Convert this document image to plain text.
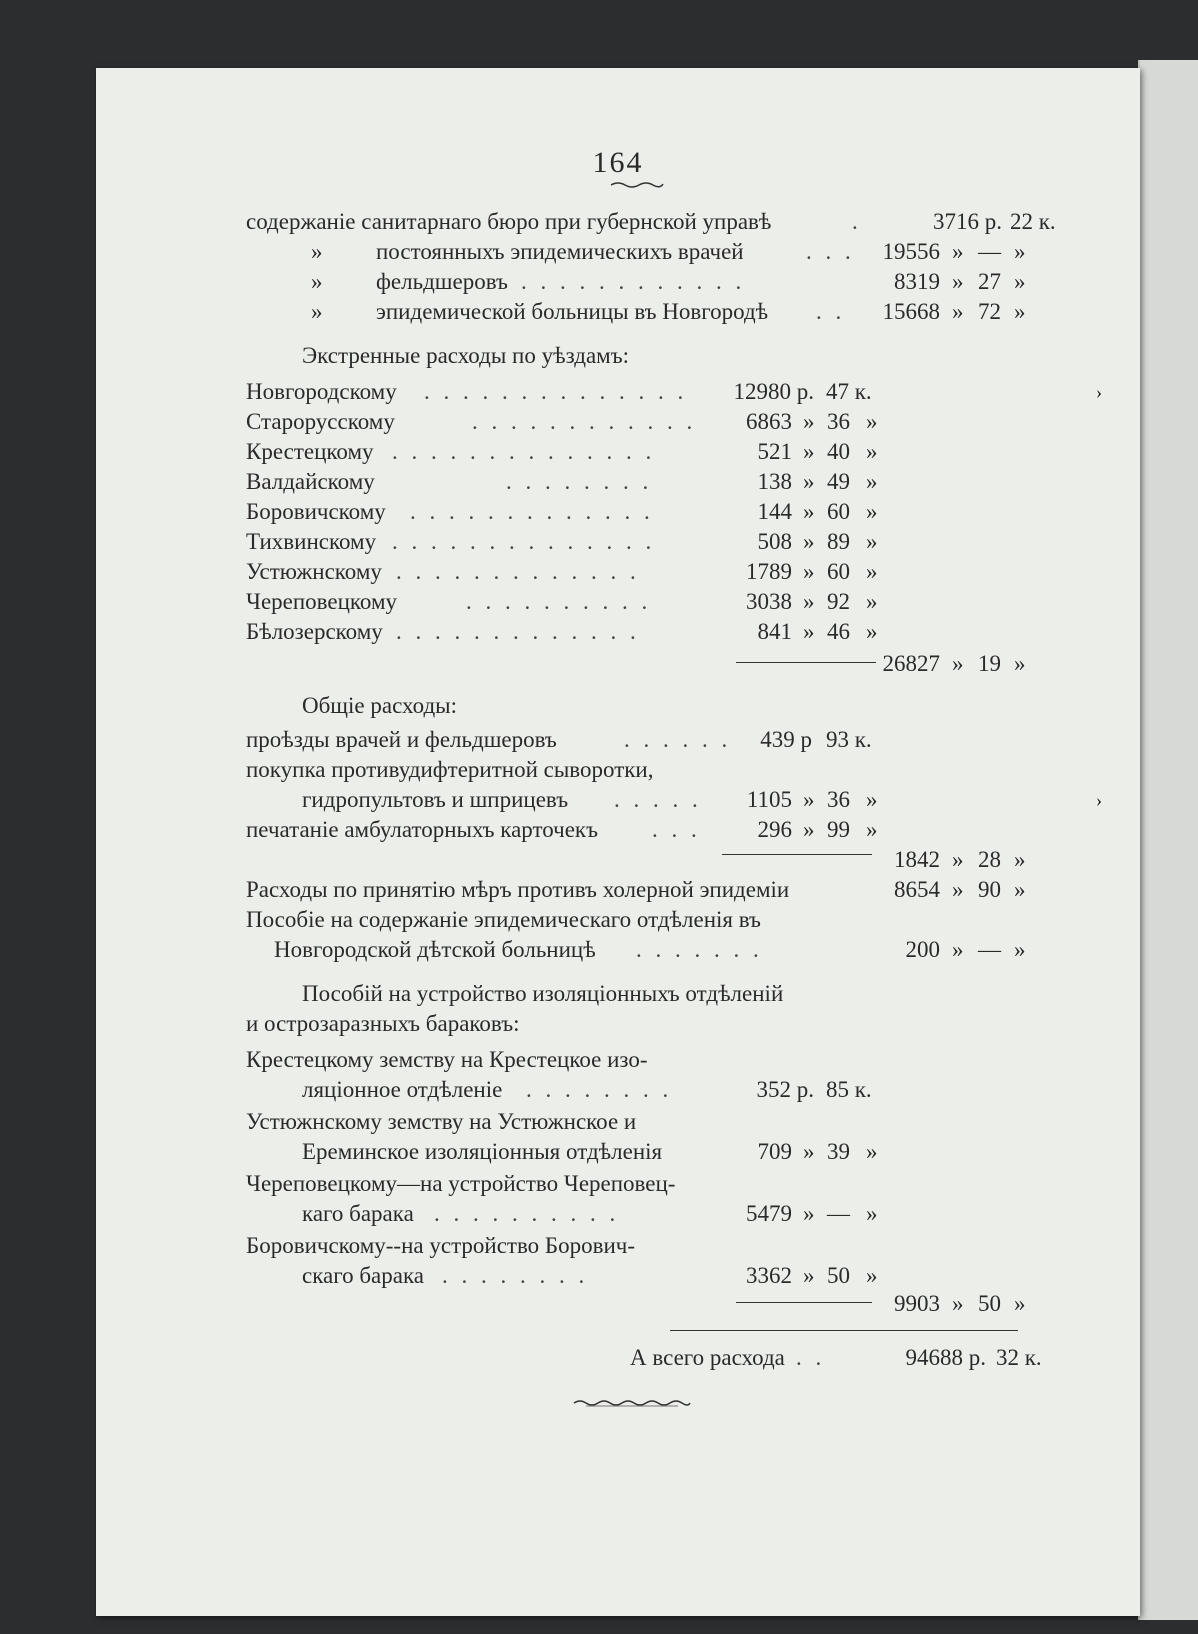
164
содержаніе санитарнаго бюро при губернской управѣ	.	3716 р. 22 к.
» постоянныхъ эпидемическихъ врачей	. . .	19556 » — »
» фельдшеровъ . . . . . . . . . . . .	8319 » 27 »
» эпидемической больницы въ Новгородѣ . .	15668 » 72 »
Экстренные расходы по уѣздамъ:
Новгородскому . . . . . . . . . . . . . .	12980 р. 47 к.
Старорусскому	. . . . . . . . . . . .	6863 » 36 »
Крестецкому . . . . . . . . . . . . . .	521 » 40 »
Валдайскому	. . . . . . . .	138 » 49 »
Боровичскому . . . . . . . . . . . . .	144 » 60 »
Тихвинскому . . . . . . . . . . . . . .	508 » 89 »
Устюжнскому . . . . . . . . . . . . .	1789 » 60 »
Череповецкому	. . . . . . . . . .	3038 » 92 »
Бѣлозерскому . . . . . . . . . . . . .	841 » 46 »
26827 » 19 »
Общіе расходы:
проѣзды врачей и фельдшеровъ	. . . . . .	439 р 93 к.
покупка противудифтеритной сыворотки,
гидропультовъ и шприцевъ . . . . .	1105 » 36 »
печатаніе амбулаторныхъ карточекъ . . .	296 » 99 »
1842 » 28 »
Расходы по принятію мѣръ противъ холерной эпидеміи	8654 » 90 »
Пособіе на содержаніе эпидемическаго отдѣленія въ
Новгородской дѣтской больницѣ . . . . . . .	200 » — »
Пособій на устройство изоляціонныхъ отдѣленій
и острозаразныхъ бараковъ:
Крестецкому земству на Крестецкое изо-
ляціонное отдѣленіе . . . . . . . .	352 р. 85 к.
Устюжнскому земству на Устюжнское и
Ереминское изоляціонныя отдѣленія	709 » 39 »
Череповецкому—на устройство Череповец-
каго барака . . . . . . . . . .	5479 » — »
Боровичскому--на устройство Борович-
скаго барака . . . . . . . .	3362 » 50 »
9903 » 50 »
А всего расхода . .	94688 р. 32 к.
›
›
